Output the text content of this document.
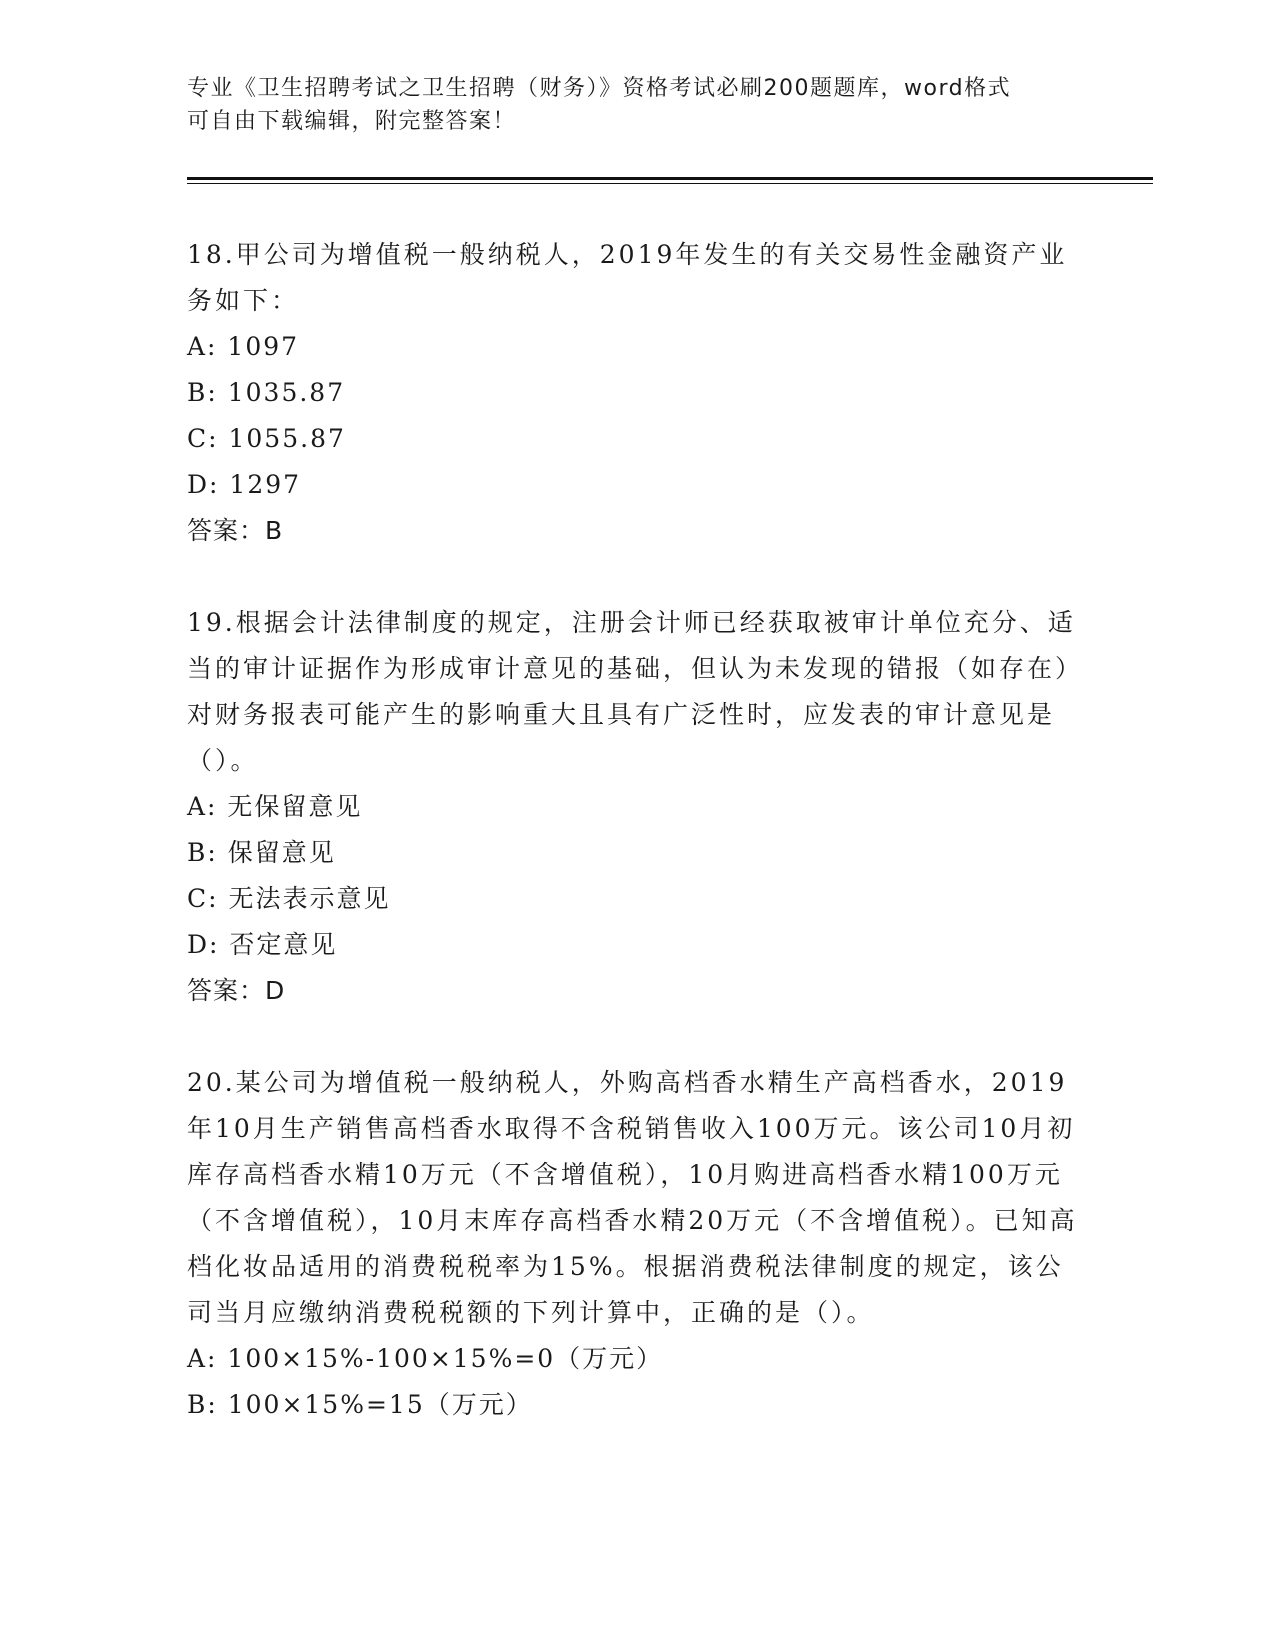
专业《卫生招聘考试之卫生招聘（财务）》资格考试必刷200题题库，word格式
可自由下载编辑，附完整答案！

18.甲公司为增值税一般纳税人，2019年发生的有关交易性金融资产业务如下：

A: 1097

B: 1035.87

C: 1055.87

D: 1297

答案：B

19.根据会计法律制度的规定，注册会计师已经获取被审计单位充分、适当的审计证据作为形成审计意见的基础，但认为未发现的错报（如存在）对财务报表可能产生的影响重大且具有广泛性时，应发表的审计意见是（）。

A: 无保留意见

B: 保留意见

C: 无法表示意见

D: 否定意见

答案：D

20.某公司为增值税一般纳税人，外购高档香水精生产高档香水，2019年10月生产销售高档香水取得不含税销售收入100万元。该公司10月初库存高档香水精10万元（不含增值税），10月购进高档香水精100万元（不含增值税），10月末库存高档香水精20万元（不含增值税）。已知高档化妆品适用的消费税税率为15%。根据消费税法律制度的规定，该公司当月应缴纳消费税税额的下列计算中，正确的是（）。

A: 100×15%-100×15%=0（万元）

B: 100×15%=15（万元）
